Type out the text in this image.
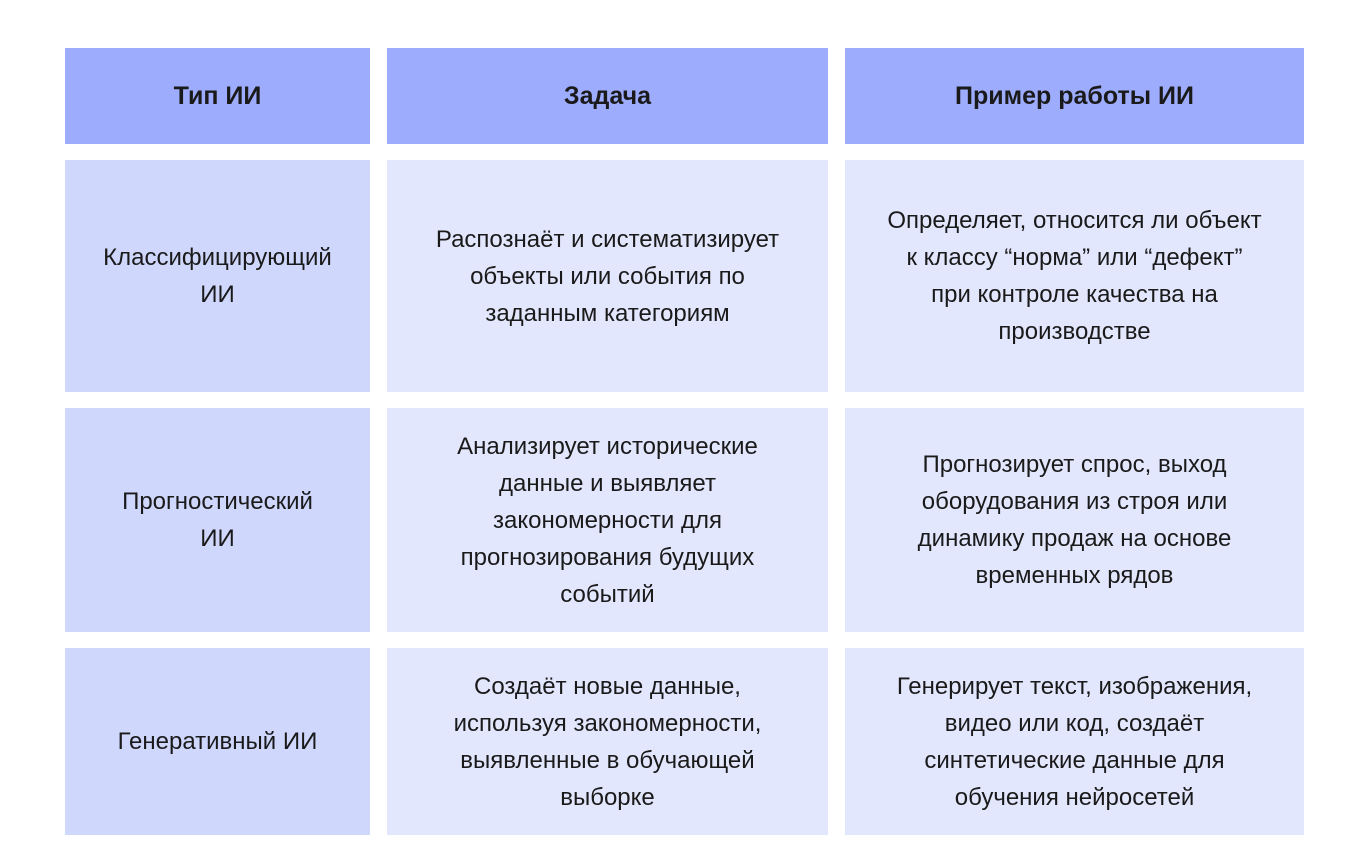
Тип ИИ	Задача	Пример работы ИИ
Классифицирующий
ИИ
Распознаёт и систематизирует
объекты или события по
заданным категориям
Определяет, относится ли объект
к классу “норма” или “дефект”
при контроле качества на
производстве
Прогностический
ИИ
Анализирует исторические
данные и выявляет
закономерности для
прогнозирования будущих
событий
Прогнозирует спрос, выход
оборудования из строя или
динамику продаж на основе
временных рядов
Генеративный ИИ
Создаёт новые данные,
используя закономерности,
выявленные в обучающей
выборке
Генерирует текст, изображения,
видео или код, создаёт
синтетические данные для
обучения нейросетей
